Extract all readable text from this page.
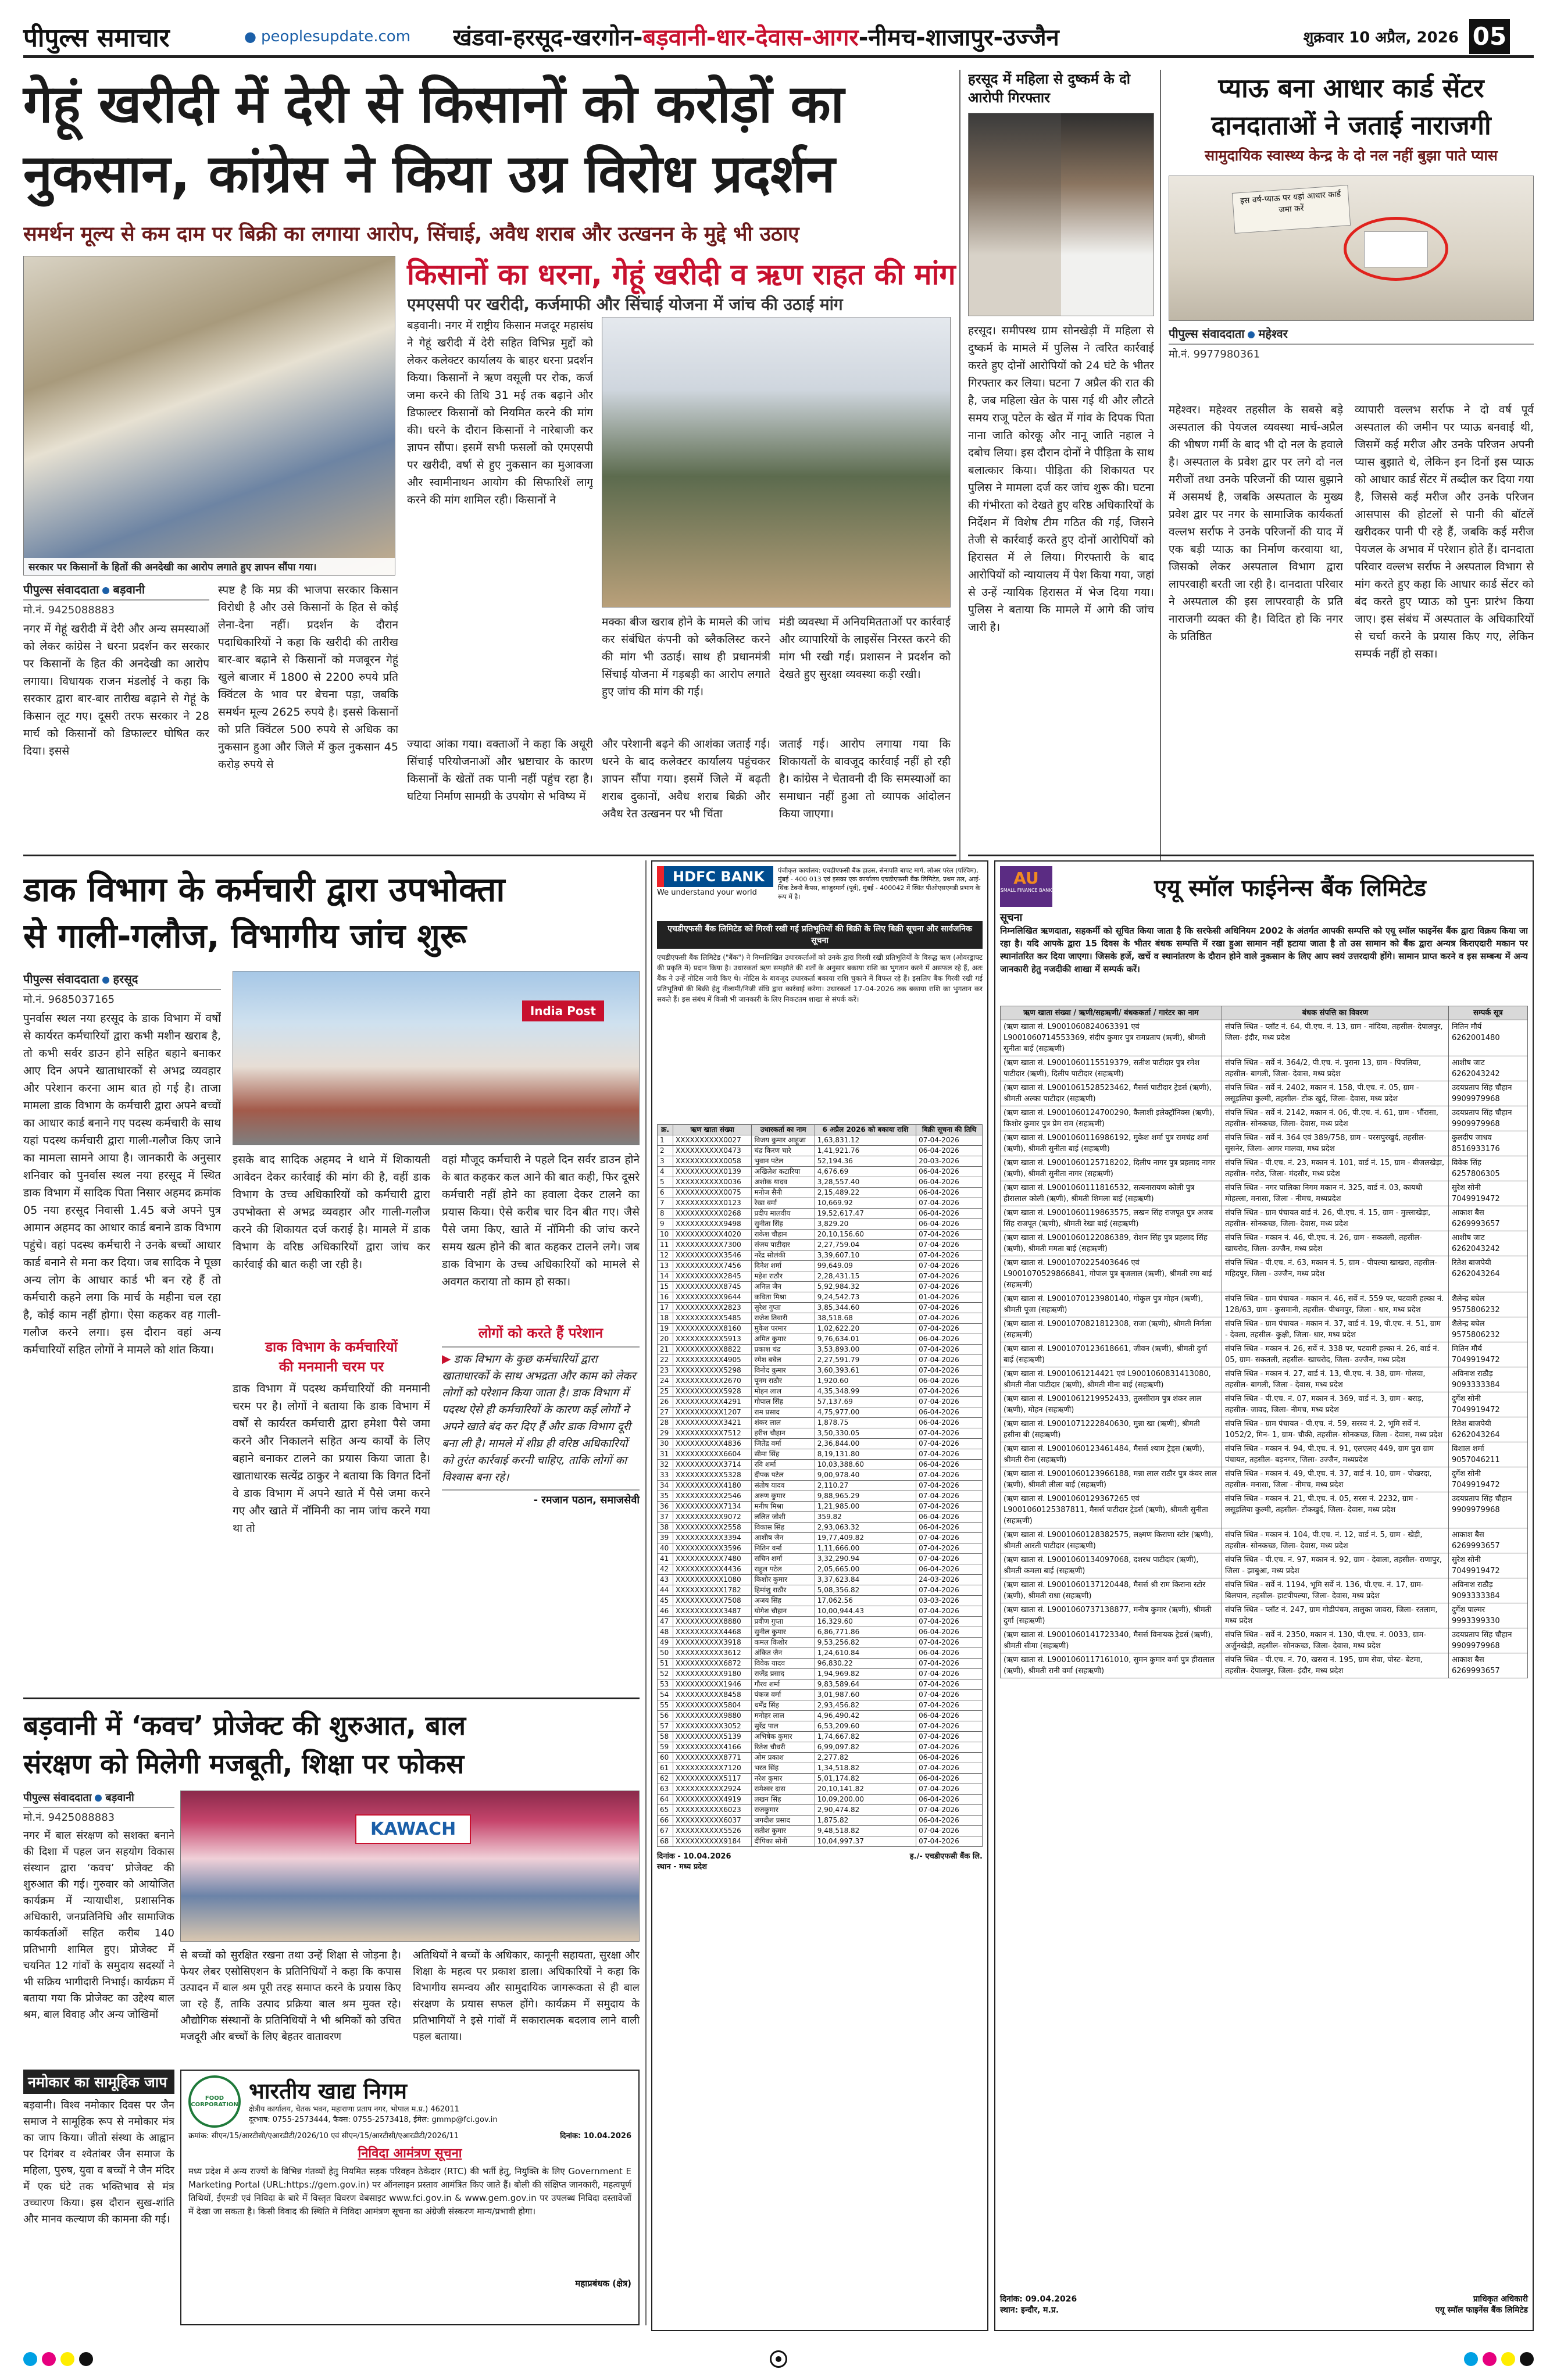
पीपुल्स समाचार	● peoplesupdate.com	खंडवा-हरसूद-खरगोन-बड़वानी-धार-देवास-आगर-नीमच-शाजापुर-उज्जैन	शुक्रवार 10 अप्रैल, 2026 05
गेहूं खरीदी में देरी से किसानों को करोड़ों का
नुकसान, कांग्रेस ने किया उग्र विरोध प्रदर्शन
समर्थन मूल्य से कम दाम पर बिक्री का लगाया आरोप, सिंचाई, अवैध शराब और उत्खनन के मुद्दे भी उठाए
सरकार पर किसानों के हितों की अनदेखी का आरोप लगाते हुए ज्ञापन सौंपा गया।
किसानों का धरना, गेहूं खरीदी व ऋण राहत की मांग
एमएसपी पर खरीदी, कर्जमाफी और सिंचाई योजना में जांच की उठाई मांग
पीपुल्स संवाददाता बड़वानी
मो.नं. 9425088883
नगर में गेहूं खरीदी में देरी और अन्य समस्याओं को लेकर कांग्रेस ने धरना प्रदर्शन कर सरकार पर किसानों के हित की अनदेखी का आरोप लगाया। विधायक राजन मंडलोई ने कहा कि सरकार द्वारा बार-बार तारीख बढ़ाने से गेहूं के किसान लूट गए। दूसरी तरफ सरकार ने 28 मार्च को किसानों को डिफाल्टर घोषित कर दिया। इससे
स्पष्ट है कि मप्र की भाजपा सरकार किसान विरोधी है और उसे किसानों के हित से कोई लेना-देना नहीं। प्रदर्शन के दौरान पदाधिकारियों ने कहा कि खरीदी की तारीख बार-बार बढ़ाने से किसानों को मजबूरन गेहूं खुले बाजार में 1800 से 2200 रुपये प्रति क्विंटल के भाव पर बेचना पड़ा, जबकि समर्थन मूल्य 2625 रुपये है। इससे किसानों को प्रति क्विंटल 500 रुपये से अधिक का नुकसान हुआ और जिले में कुल नुकसान 45 करोड़ रुपये से
बड़वानी। नगर में राष्ट्रीय किसान मजदूर महासंघ ने गेहूं खरीदी में देरी सहित विभिन्न मुद्दों को लेकर कलेक्टर कार्यालय के बाहर धरना प्रदर्शन किया। किसानों ने ऋण वसूली पर रोक, कर्ज जमा करने की तिथि 31 मई तक बढ़ाने और डिफाल्टर किसानों को नियमित करने की मांग की। धरने के दौरान किसानों ने नारेबाजी कर ज्ञापन सौंपा। इसमें सभी फसलों को एमएसपी पर खरीदी, वर्षा से हुए नुकसान का मुआवजा और स्वामीनाथन आयोग की सिफारिशें लागू करने की मांग शामिल रही। किसानों ने
मक्का बीज खराब होने के मामले की जांच कर संबंधित कंपनी को ब्लैकलिस्ट करने की मांग भी उठाई। साथ ही प्रधानमंत्री सिंचाई योजना में गड़बड़ी का आरोप लगाते हुए जांच की मांग की गई।
मंडी व्यवस्था में अनियमितताओं पर कार्रवाई और व्यापारियों के लाइसेंस निरस्त करने की मांग भी रखी गई। प्रशासन ने प्रदर्शन को देखते हुए सुरक्षा व्यवस्था कड़ी रखी।
ज्यादा आंका गया। वक्ताओं ने कहा कि अधूरी सिंचाई परियोजनाओं और भ्रष्टाचार के कारण किसानों के खेतों तक पानी नहीं पहुंच रहा है। घटिया निर्माण सामग्री के उपयोग से भविष्य में
और परेशानी बढ़ने की आशंका जताई गई। धरने के बाद कलेक्टर कार्यालय पहुंचकर ज्ञापन सौंपा गया। इसमें जिले में बढ़ती शराब दुकानों, अवैध शराब बिक्री और अवैध रेत उत्खनन पर भी चिंता
जताई गई। आरोप लगाया गया कि शिकायतों के बावजूद कार्रवाई नहीं हो रही है। कांग्रेस ने चेतावनी दी कि समस्याओं का समाधान नहीं हुआ तो व्यापक आंदोलन किया जाएगा।
हरसूद में महिला से दुष्कर्म के दो आरोपी गिरफ्तार
हरसूद। समीपस्थ ग्राम सोनखेड़ी में महिला से दुष्कर्म के मामले में पुलिस ने त्वरित कार्रवाई करते हुए दोनों आरोपियों को 24 घंटे के भीतर गिरफ्तार कर लिया। घटना 7 अप्रैल की रात की है, जब महिला खेत के पास गई थी और लौटते समय राजू पटेल के खेत में गांव के दिपक पिता नाना जाति कोरकू और नानू जाति नहाल ने दबोच लिया। इस दौरान दोनों ने पीड़िता के साथ बलात्कार किया। पीड़िता की शिकायत पर पुलिस ने मामला दर्ज कर जांच शुरू की। घटना की गंभीरता को देखते हुए वरिष्ठ अधिकारियों के निर्देशन में विशेष टीम गठित की गई, जिसने तेजी से कार्रवाई करते हुए दोनों आरोपियों को हिरासत में ले लिया। गिरफ्तारी के बाद आरोपियों को न्यायालय में पेश किया गया, जहां से उन्हें न्यायिक हिरासत में भेज दिया गया। पुलिस ने बताया कि मामले में आगे की जांच जारी है।
प्याऊ बना आधार कार्ड सेंटर
दानदाताओं ने जताई नाराजगी
सामुदायिक स्वास्थ्य केन्द्र के दो नल नहीं बुझा पाते प्यास
इस वर्ष-प्याऊ पर यहां आधार कार्ड जमा करें
पीपुल्स संवाददाता महेश्वर
मो.नं. 9977980361
महेश्वर। महेश्वर तहसील के सबसे बड़े अस्पताल की पेयजल व्यवस्था मार्च-अप्रैल की भीषण गर्मी के बाद भी दो नल के हवाले है। अस्पताल के प्रवेश द्वार पर लगे दो नल मरीजों तथा उनके परिजनों की प्यास बुझाने में असमर्थ है, जबकि अस्पताल के मुख्य प्रवेश द्वार पर नगर के सामाजिक कार्यकर्ता वल्लभ सर्राफ ने उनके परिजनों की याद में एक बड़ी प्याऊ का निर्माण करवाया था, जिसको लेकर अस्पताल विभाग द्वारा लापरवाही बरती जा रही है। दानदाता परिवार ने अस्पताल की इस लापरवाही के प्रति नाराजगी व्यक्त की है। विदित हो कि नगर के प्रतिष्ठित
व्यापारी वल्लभ सर्राफ ने दो वर्ष पूर्व अस्पताल की जमीन पर प्याऊ बनवाई थी, जिसमें कई मरीज और उनके परिजन अपनी प्यास बुझाते थे, लेकिन इन दिनों इस प्याऊ को आधार कार्ड सेंटर में तब्दील कर दिया गया है, जिससे कई मरीज और उनके परिजन आसपास की होटलों से पानी की बॉटलें खरीदकर पानी पी रहे हैं, जबकि कई मरीज पेयजल के अभाव में परेशान होते हैं। दानदाता परिवार वल्लभ सर्राफ ने अस्पताल विभाग से मांग करते हुए कहा कि आधार कार्ड सेंटर को बंद करते हुए प्याऊ को पुनः प्रारंभ किया जाए। इस संबंध में अस्पताल के अधिकारियों से चर्चा करने के प्रयास किए गए, लेकिन सम्पर्क नहीं हो सका।
डाक विभाग के कर्मचारी द्वारा उपभोक्ता
से गाली-गलौज, विभागीय जांच शुरू
पीपुल्स संवाददाता हरसूद
मो.नं. 9685037165
पुनर्वास स्थल नया हरसूद के डाक विभाग में वर्षों से कार्यरत कर्मचारियों द्वारा कभी मशीन खराब है, तो कभी सर्वर डाउन होने सहित बहाने बनाकर आए दिन अपने खाताधारकों से अभद्र व्यवहार और परेशान करना आम बात हो गई है। ताजा मामला डाक विभाग के कर्मचारी द्वारा अपने बच्चों का आधार कार्ड बनाने गए पदस्थ कर्मचारी के साथ यहां पदस्थ कर्मचारी द्वारा गाली-गलौज किए जाने का मामला सामने आया है। जानकारी के अनुसार शनिवार को पुनर्वास स्थल नया हरसूद में स्थित डाक विभाग में सादिक पिता निसार अहमद क्रमांक 05 नया हरसूद निवासी 1.45 बजे अपने पुत्र आमान अहमद का आधार कार्ड बनाने डाक विभाग पहुंचे। वहां पदस्थ कर्मचारी ने उनके बच्चों आधार कार्ड बनाने से मना कर दिया। जब सादिक ने पूछा अन्य लोग के आधार कार्ड भी बन रहे हैं तो कर्मचारी कहने लगा कि मार्च के महीना चल रहा है, कोई काम नहीं होगा। ऐसा कहकर वह गाली-गलौज करने लगा। इस दौरान वहां अन्य कर्मचारियों सहित लोगों ने मामले को शांत किया।
India Post
इसके बाद सादिक अहमद ने थाने में शिकायती आवेदन देकर कार्रवाई की मांग की है, वहीं डाक विभाग के उच्च अधिकारियों को कर्मचारी द्वारा उपभोक्ता से अभद्र व्यवहार और गाली-गलौज करने की शिकायत दर्ज कराई है। मामले में डाक विभाग के वरिष्ठ अधिकारियों द्वारा जांच कर कार्रवाई की बात कही जा रही है।
डाक विभाग के कर्मचारियों
की मनमानी चरम पर
डाक विभाग में पदस्थ कर्मचारियों की मनमानी चरम पर है। लोगों ने बताया कि डाक विभाग में वर्षों से कार्यरत कर्मचारी द्वारा हमेशा पैसे जमा करने और निकालने सहित अन्य कार्यों के लिए बहाने बनाकर टालने का प्रयास किया जाता है। खाताधारक सत्येंद्र ठाकुर ने बताया कि विगत दिनों वे डाक विभाग में अपने खाते में पैसे जमा करने गए और खाते में नॉमिनी का नाम जांच करने गया था तो
वहां मौजूद कर्मचारी ने पहले दिन सर्वर डाउन होने के बात कहकर कल आने की बात कही, फिर दूसरे कर्मचारी नहीं होने का हवाला देकर टालने का प्रयास किया। ऐसे करीब चार दिन बीत गए। जैसे पैसे जमा किए, खाते में नॉमिनी की जांच करने समय खत्म होने की बात कहकर टालने लगे। जब डाक विभाग के उच्च अधिकारियों को मामले से अवगत कराया तो काम हो सका।
लोगों को करते हैं परेशान
▶ डाक विभाग के कुछ कर्मचारियों द्वारा खाताधारकों के साथ अभद्रता और काम को लेकर लोगों को परेशान किया जाता है। डाक विभाग में पदस्थ ऐसे ही कर्मचारियों के कारण कई लोगों ने अपने खाते बंद कर दिए हैं और डाक विभाग दूरी बना ली है। मामले में शीघ्र ही वरिष्ठ अधिकारियों को तुरंत कार्रवाई करनी चाहिए, ताकि लोगों का विश्वास बना रहे।
- रमजान पठान, समाजसेवी
बड़वानी में ‘कवच’ प्रोजेक्ट की शुरुआत, बाल
संरक्षण को मिलेगी मजबूती, शिक्षा पर फोकस
पीपुल्स संवाददाता बड़वानी
मो.नं. 9425088883
नगर में बाल संरक्षण को सशक्त बनाने की दिशा में पहल जन सहयोग विकास संस्थान द्वारा ‘कवच’ प्रोजेक्ट की शुरुआत की गई। गुरुवार को आयोजित कार्यक्रम में न्यायाधीश, प्रशासनिक अधिकारी, जनप्रतिनिधि और सामाजिक कार्यकर्ताओं सहित करीब 140 प्रतिभागी शामिल हुए। प्रोजेक्ट में चयनित 12 गांवों के समुदाय सदस्यों ने भी सक्रिय भागीदारी निभाई। कार्यक्रम में बताया गया कि प्रोजेक्ट का उद्देश्य बाल श्रम, बाल विवाह और अन्य जोखिमों
KAWACH
से बच्चों को सुरक्षित रखना तथा उन्हें शिक्षा से जोड़ना है। फेयर लेबर एसोसिएशन के प्रतिनिधियों ने कहा कि कपास उत्पादन में बाल श्रम पूरी तरह समाप्त करने के प्रयास किए जा रहे हैं, ताकि उत्पाद प्रक्रिया बाल श्रम मुक्त रहे। औद्योगिक संस्थानों के प्रतिनिधियों ने भी श्रमिकों को उचित मजदूरी और बच्चों के लिए बेहतर वातावरण
अतिथियों ने बच्चों के अधिकार, कानूनी सहायता, सुरक्षा और शिक्षा के महत्व पर प्रकाश डाला। अधिकारियों ने कहा कि विभागीय समन्वय और सामुदायिक जागरूकता से ही बाल संरक्षण के प्रयास सफल होंगे। कार्यक्रम में समुदाय के प्रतिभागियों ने इसे गांवों में सकारात्मक बदलाव लाने वाली पहल बताया।
नमोकार का सामूहिक जाप
बड़वानी। विश्व नमोकार दिवस पर जैन समाज ने सामूहिक रूप से नमोकार मंत्र का जाप किया। जीतो संस्था के आह्वान पर दिगंबर व श्वेतांबर जैन समाज के महिला, पुरुष, युवा व बच्चों ने जैन मंदिर में एक घंटे तक भक्तिभाव से मंत्र उच्चारण किया। इस दौरान सुख-शांति और मानव कल्याण की कामना की गई।
FOOD CORPORATION
भारतीय खाद्य निगम
क्षेत्रीय कार्यालय, चेतक भवन, महाराणा प्रताप नगर, भोपाल म.प्र.) 462011
दूरभाष: 0755-2573444, फैक्स: 0755-2573418, ईमेल: gmmp@fci.gov.in
क्रमांक: सीएन/15/आरटीसी/एआरडीटी/2026/10 एवं सीएन/15/आरटीसी/एआरडीटी/2026/11	दिनांक: 10.04.2026
निविदा आमंत्रण सूचना
मध्य प्रदेश में अन्य राज्यों के विभिन्न गंतव्यों हेतु नियमित सड़क परिवहन ठेकेदार (RTC) की भर्ती हेतु, नियुक्ति के लिए Government E Marketing Portal (URL:https://gem.gov.in) पर ऑनलाइन प्रस्ताव आमंत्रित किए जाते हैं। बोली की संक्षिप्त जानकारी, महत्वपूर्ण तिथियों, ईएमडी एवं निविदा के बारे में विस्तृत विवरण वेबसाइट www.fci.gov.in & www.gem.gov.in पर उपलब्ध निविदा दस्तावेजों में देखा जा सकता है। किसी विवाद की स्थिति में निविदा आमंत्रण सूचना का अंग्रेजी संस्करण मान्य/प्रभावी होगा।
महाप्रबंधक (क्षेत्र)
HDFC BANK
We understand your world
पंजीकृत कार्यालय: एचडीएफसी बैंक हाउस, सेनापति बापट मार्ग, लोअर परेल (पश्चिम), मुंबई - 400 013 एवं इसका एक कार्यालय एचडीएफसी बैंक लिमिटेड, प्रथम तल, आई-थिंक टेक्नो कैंपस, कांजुरमार्ग (पूर्व), मुंबई - 400042 में स्थित पीओएसएमडी प्रभाग के रूप में है।
एचडीएफसी बैंक लिमिटेड को गिरवी रखी गई प्रतिभूतियों की बिक्री के लिए बिक्री सूचना और सार्वजनिक सूचना
एचडीएफसी बैंक लिमिटेड ("बैंक") ने निम्नलिखित उधारकर्ताओं को उनके द्वारा गिरवी रखी प्रतिभूतियों के विरुद्ध ऋण (ओवरड्राफ्ट की प्रकृति में) प्रदान किया है। उधारकर्ता ऋण समझौते की शर्तों के अनुसार बकाया राशि का भुगतान करने में असफल रहे हैं, अतः बैंक ने उन्हें नोटिस जारी किए थे। नोटिस के बावजूद उधारकर्ता बकाया राशि चुकाने में विफल रहे हैं। इसलिए बैंक गिरवी रखी गई प्रतिभूतियों की बिक्री हेतु नीलामी/निजी संधि द्वारा कार्रवाई करेगा। उधारकर्ता 17-04-2026 तक बकाया राशि का भुगतान कर सकते हैं। इस संबंध में किसी भी जानकारी के लिए निकटतम शाखा से संपर्क करें।
क्र.	ऋण खाता संख्या	उधारकर्ता का नाम	6 अप्रैल 2026 को बकाया राशि	बिक्री सूचना की तिथि
1	XXXXXXXXXX0027	विजय कुमार आहूजा	1,63,831.12	07-04-2026
2	XXXXXXXXXX0473	चंद्र किरण चारे	1,41,921.76	06-04-2026
3	XXXXXXXXXX0058	भुवान पटेल	52,194.36	20-03-2026
4	XXXXXXXXXX0139	अखिलेश कटारिया	4,676.69	06-04-2026
5	XXXXXXXXXX0036	अशोक यादव	3,28,557.40	06-04-2026
6	XXXXXXXXXX0075	मनोज सैनी	2,15,489.22	06-04-2026
7	XXXXXXXXXX0123	रेखा वर्मा	10,669.92	07-04-2026
8	XXXXXXXXXX0268	प्रदीप मालवीय	19,52,617.47	06-04-2026
9	XXXXXXXXXX9498	सुनीता सिंह	3,829.20	06-04-2026
10	XXXXXXXXXX4020	राकेश चौहान	20,10,156.60	07-04-2026
11	XXXXXXXXXX7300	संजय पाटीदार	2,27,759.04	07-04-2026
12	XXXXXXXXXX3546	नरेंद्र सोलंकी	3,39,607.10	07-04-2026
13	XXXXXXXXXX7456	दिनेश शर्मा	99,649.09	07-04-2026
14	XXXXXXXXXX2845	महेश राठौर	2,28,431.15	07-04-2026
15	XXXXXXXXXX8745	अनिल जैन	5,92,984.32	07-04-2026
16	XXXXXXXXXX9644	कविता मिश्रा	9,24,542.73	01-04-2026
17	XXXXXXXXXX2823	सुरेश गुप्ता	3,85,344.60	07-04-2026
18	XXXXXXXXXX5485	राजेश तिवारी	38,518.68	07-04-2026
19	XXXXXXXXXX8160	मुकेश परमार	1,02,622.20	07-04-2026
20	XXXXXXXXXX5913	अमित कुमार	9,76,634.01	06-04-2026
21	XXXXXXXXXX8822	प्रकाश चंद्र	3,53,893.00	07-04-2026
22	XXXXXXXXXX4905	रमेश बघेल	2,27,591.79	07-04-2026
23	XXXXXXXXXX5298	विनोद कुमार	3,60,393.61	07-04-2026
24	XXXXXXXXXX2670	पूनम राठौर	1,920.60	06-04-2026
25	XXXXXXXXXX5928	मोहन लाल	4,35,348.99	07-04-2026
26	XXXXXXXXXX4291	गोपाल सिंह	57,137.69	07-04-2026
27	XXXXXXXXXX1207	राम प्रसाद	4,75,977.00	06-04-2026
28	XXXXXXXXXX3421	शंकर लाल	1,878.75	06-04-2026
29	XXXXXXXXXX7512	हरीश चौहान	3,50,330.05	07-04-2026
30	XXXXXXXXXX4836	जितेंद्र वर्मा	2,36,844.00	07-04-2026
31	XXXXXXXXXX6604	सीमा सिंह	8,19,131.80	07-04-2026
32	XXXXXXXXXX3714	रवि शर्मा	10,03,388.60	06-04-2026
33	XXXXXXXXXX5328	दीपक पटेल	9,00,978.40	07-04-2026
34	XXXXXXXXXX4180	संतोष यादव	2,110.27	07-04-2026
35	XXXXXXXXXX2546	अरुण कुमार	9,88,965.29	07-04-2026
36	XXXXXXXXXX7134	मनीष मिश्रा	1,21,985.00	07-04-2026
37	XXXXXXXXXX9072	ललित जोशी	359.82	06-04-2026
38	XXXXXXXXXX2558	विकास सिंह	2,93,063.32	06-04-2026
39	XXXXXXXXXX3394	आशीष जैन	19,77,409.82	07-04-2026
40	XXXXXXXXXX3596	नितिन वर्मा	1,11,666.00	07-04-2026
41	XXXXXXXXXX7480	सचिन शर्मा	3,32,290.94	07-04-2026
42	XXXXXXXXXX4436	राहुल पटेल	2,05,665.00	06-04-2026
43	XXXXXXXXXX1080	किशोर कुमार	3,37,623.84	24-03-2026
44	XXXXXXXXXX1782	हिमांशु राठौर	5,08,356.82	07-04-2026
45	XXXXXXXXXX7508	अजय सिंह	17,062.56	03-03-2026
46	XXXXXXXXXX3487	योगेश चौहान	10,00,944.43	07-04-2026
47	XXXXXXXXXX8880	प्रवीण गुप्ता	16,329.60	07-04-2026
48	XXXXXXXXXX4468	सुनील कुमार	6,86,771.86	06-04-2026
49	XXXXXXXXXX3918	कमल किशोर	9,53,256.82	07-04-2026
50	XXXXXXXXXX3612	अंकित जैन	1,24,610.84	06-04-2026
51	XXXXXXXXXX6872	विवेक यादव	96,830.22	07-04-2026
52	XXXXXXXXXX9180	राजेंद्र प्रसाद	1,94,969.82	07-04-2026
53	XXXXXXXXXX1946	गौरव शर्मा	9,83,589.64	07-04-2026
54	XXXXXXXXXX8458	पंकज वर्मा	3,01,987.60	07-04-2026
55	XXXXXXXXXX5804	धर्मेंद्र सिंह	2,93,456.82	07-04-2026
56	XXXXXXXXXX9880	मनोहर लाल	4,96,490.42	06-04-2026
57	XXXXXXXXXX3052	सुरेंद्र पाल	6,53,209.60	07-04-2026
58	XXXXXXXXXX5139	अभिषेक कुमार	1,74,667.82	07-04-2026
59	XXXXXXXXXX4166	रितेश चौधरी	6,99,097.82	07-04-2026
60	XXXXXXXXXX8771	ओम प्रकाश	2,277.82	06-04-2026
61	XXXXXXXXXX7120	भरत सिंह	1,34,518.82	07-04-2026
62	XXXXXXXXXX5117	नरेश कुमार	5,01,174.82	06-04-2026
63	XXXXXXXXXX2924	रामेश्वर दास	20,10,141.82	07-04-2026
64	XXXXXXXXXX4919	लखन सिंह	10,09,200.00	06-04-2026
65	XXXXXXXXXX6023	राजकुमार	2,90,474.82	07-04-2026
66	XXXXXXXXXX6037	जगदीश प्रसाद	1,875.82	06-04-2026
67	XXXXXXXXXX5526	सतीश कुमार	9,48,518.82	07-04-2026
68	XXXXXXXXXX9184	दीपिका सोनी	10,04,997.37	07-04-2026
दिनांक - 10.04.2026
स्थान - मध्य प्रदेश
ह./- एचडीएफसी बैंक लि.
AU
SMALL FINANCE BANK	एयू स्मॉल फाईनेन्स बैंक लिमिटेड
सूचना
निम्नलिखित ऋणदाता, सहकर्मी को सूचित किया जाता है कि सरफेसी अधिनियम 2002 के अंतर्गत आपकी सम्पत्ति को एयू स्मॉल फाइनेंस बैंक द्वारा विक्रय किया जा रहा है। यदि आपके द्वारा 15 दिवस के भीतर बंधक सम्पत्ति में रखा हुआ सामान नहीं हटाया जाता है तो उस सामान को बैंक द्वारा अन्यत्र किराएदारी मकान पर स्थानांतरित कर दिया जाएगा। जिसके हर्जे, खर्चे व स्थानांतरण के दौरान होने वाले नुकसान के लिए आप स्वयं उत्तरदायी होंगे। सामान प्राप्त करने व इस सम्बन्ध में अन्य जानकारी हेतु नजदीकी शाखा में सम्पर्क करें।
ऋण खाता संख्या / ऋणी/सहऋणी/ बंधककर्ता / गारंटर का नाम	बंधक संपत्ति का विवरण	सम्पर्क सूत्र
(ऋण खाता सं. L9001060824063391 एवं L9001060714553369, संदीप कुमार पुत्र रामप्रताप (ऋणी), श्रीमती सुनीता बाई (सहऋणी)	संपत्ति स्थित - प्लॉट नं. 64, पी.एच. नं. 13, ग्राम - नांदिया, तहसील- देपालपुर, जिला- इंदौर, मध्य प्रदेश	नितिन मौर्य 6262001480
(ऋण खाता सं. L9001060115519379, सतीश पाटीदार पुत्र रमेश पाटीदार (ऋणी), दिलीप पाटीदार (सहऋणी)	संपत्ति स्थित - सर्वे नं. 364/2, पी.एच. नं. पुराना 13, ग्राम - पिपलिया, तहसील- बागली, जिला- देवास, मध्य प्रदेश	आशीष जाट 6262043242
(ऋण खाता सं. L9001061528523462, मैसर्स पाटीदार ट्रेडर्स (ऋणी), श्रीमती अल्का पाटीदार (सहऋणी)	संपत्ति स्थित - सर्वे नं. 2402, मकान नं. 158, पी.एच. नं. 05, ग्राम - लसूड़लिया कुल्मी, तहसील- टोंक खुर्द, जिला- देवास, मध्य प्रदेश	उदयप्रताप सिंह चौहान 9909979968
(ऋण खाता सं. L9001060124700290, कैलाशी इलेक्ट्रॉनिक्स (ऋणी), किशोर कुमार पुत्र प्रेम राम (सहऋणी)	संपत्ति स्थित - सर्वे नं. 2142, मकान नं. 06, पी.एच. नं. 61, ग्राम - भौंरासा, तहसील- सोनकच्छ, जिला- देवास, मध्य प्रदेश	उदयप्रताप सिंह चौहान 9909979968
(ऋण खाता सं. L9001060116986192, मुकेश शर्मा पुत्र रामचंद्र शर्मा (ऋणी), श्रीमती सुनीता बाई (सहऋणी)	संपत्ति स्थित - सर्वे नं. 364 एवं 389/758, ग्राम - परसपुरखुर्द, तहसील- सुसनेर, जिला- आगर मालवा, मध्य प्रदेश	कुलदीप जाधव 8516933176
(ऋण खाता सं. L9001060125718202, दिलीप नागर पुत्र प्रहलाद नागर (ऋणी), श्रीमती सुनीता नागर (सहऋणी)	संपत्ति स्थित - पी.एच. नं. 23, मकान नं. 101, वार्ड नं. 15, ग्राम - बीजलखेड़ा, तहसील- गरोठ, जिला- मंदसौर, मध्य प्रदेश	विवेक सिंह 6257806305
(ऋण खाता सं. L9001060111816532, सत्यनारायण कोली पुत्र हीरालाल कोली (ऋणी), श्रीमती शिमला बाई (सहऋणी)	संपत्ति स्थित - नगर पालिका निगम मकान नं. 325, वार्ड नं. 03, कायथी मोहल्ला, मनासा, जिला - नीमच, मध्यप्रदेश	सुरेश सोनी 7049919472
(ऋण खाता सं. L9001060119863575, लखन सिंह राजपूत पुत्र अजब सिंह राजपूत (ऋणी), श्रीमती रेखा बाई (सहऋणी)	संपत्ति स्थित - ग्राम पंचायत वार्ड नं. 26, पी.एच. नं. 15, ग्राम - मुल्लाखेड़ा, तहसील- सोनकच्छ, जिला- देवास, मध्य प्रदेश	आकाश बैस 6269993657
(ऋण खाता सं. L9001060122086389, रोशन सिंह पुत्र प्रहलाद सिंह (ऋणी), श्रीमती ममता बाई (सहऋणी)	संपत्ति स्थित - मकान नं. 46, पी.एच. नं. 26, ग्राम - सकतली, तहसील- खाचरोद, जिला- उज्जैन, मध्य प्रदेश	आशीष जाट 6262043242
(ऋण खाता सं. L9001070225403646 एवं L9001070529866841, गोपाल पुत्र बृजलाल (ऋणी), श्रीमती रमा बाई (सहऋणी)	संपत्ति स्थित - पी.एच. नं. 63, मकान नं. 5, ग्राम - पीपल्या खाखरा, तहसील- महिदपुर, जिला - उज्जैन, मध्य प्रदेश	रितेश बाजपेयी 6262043264
(ऋण खाता सं. L9001070123980140, गोकुल पुत्र मोहन (ऋणी), श्रीमती पूजा (सहऋणी)	संपत्ति स्थित - ग्राम पंचायत - मकान नं. 46, सर्वे नं. 559 पर, पटवारी हल्का नं. 128/63, ग्राम - कुसमानी, तहसील- पीथमपुर, जिला - धार, मध्य प्रदेश	शैलेन्द्र बघेल 9575806232
(ऋण खाता सं. L9001070821812308, राजा (ऋणी), श्रीमती निर्मला (सहऋणी)	संपत्ति स्थित - ग्राम पंचायत - मकान नं. 37, वार्ड नं. 19, पी.एच. नं. 51, ग्राम - देवला, तहसील- कुक्षी, जिला- धार, मध्य प्रदेश	शैलेन्द्र बघेल 9575806232
(ऋण खाता सं. L9001070123618661, जीवन (ऋणी), श्रीमती दुर्गा बाई (सहऋणी)	संपत्ति स्थित - मकान नं. 26, सर्वे नं. 338 पर, पटवारी हल्का नं. 26, वार्ड नं. 05, ग्राम- सकतली, तहसील- खाचरोद, जिला- उज्जैन, मध्य प्रदेश	मितिन मौर्य 7049919472
(ऋण खाता सं. L9001061214421 एवं L9001060831413080, श्रीमती नीता पाटीदार (ऋणी), श्रीमती मीना बाई (सहऋणी)	संपत्ति स्थित - मकान नं. 27, वार्ड नं. 13, पी.एच. नं. 38, ग्राम- गोलवा, तहसील- बागली, जिला - देवास, मध्य प्रदेश	अविनाश राठौड़ 9093333384
(ऋण खाता सं. L9001061219952433, तुलसीराम पुत्र शंकर लाल (ऋणी), मोहन (सहऋणी)	संपत्ति स्थित - पी.एच. नं. 07, मकान नं. 369, वार्ड नं. 3, ग्राम - बराड़, तहसील- जावद, जिला- नीमच, मध्य प्रदेश	दुर्गेश सोनी 7049919472
(ऋण खाता सं. L9001071222840630, मुन्ना खा (ऋणी), श्रीमती हसीना बी (सहऋणी)	संपत्ति स्थित - ग्राम पंचायत - पी.एच. नं. 59, सरस्व नं. 2, भूमि सर्वे नं. 1052/2, मिन- 1, ग्राम- चौकी, तहसील- सोनकच्छ, जिला - देवास, मध्य प्रदेश	रितेश बाजपेयी 6262043264
(ऋण खाता सं. L9001060123461484, मैसर्स श्याम ट्रेड्स (ऋणी), श्रीमती रीना (सहऋणी)	संपत्ति स्थित - मकान नं. 94, पी.एच. नं. 91, एलएलए 449, ग्राम पुरा ग्राम पंचायत, तहसील- बड़नगर, जिला- उज्जैन, मध्यप्रदेश	विशाल शर्मा 9057046211
(ऋण खाता सं. L9001060123966188, मन्ना लाल राठौर पुत्र कंवर लाल (ऋणी), श्रीमती लीला बाई (सहऋणी)	संपत्ति स्थित - मकान नं. 49, पी.एच. नं. 37, वार्ड नं. 10, ग्राम - पोखरदा, तहसील- मनासा, जिला - नीमच, मध्य प्रदेश	दुर्गेश सोनी 7049919472
(ऋण खाता सं. L9001060129367265 एवं L9001060125387811, मैसर्स पाटीदार ट्रेडर्स (ऋणी), श्रीमती सुनीता (सहऋणी)	संपत्ति स्थित - मकान नं. 21, पी.एच. नं. 05, सरस नं. 2232, ग्राम - लसूड़लिया कुल्मी, तहसील- टोंकखुर्द, जिला- देवास, मध्य प्रदेश	उदयप्रताप सिंह चौहान 9909979968
(ऋण खाता सं. L9001060128382575, लक्ष्मण किराणा स्टोर (ऋणी), श्रीमती आरती पाटीदार (सहऋणी)	संपत्ति स्थित - मकान नं. 104, पी.एच. नं. 12, वार्ड नं. 5, ग्राम - खेड़ी, तहसील- सोनकच्छ, जिला- देवास, मध्य प्रदेश	आकाश बैस 6269993657
(ऋण खाता सं. L9001060134097068, दशरथ पाटीदार (ऋणी), श्रीमती कमला बाई (सहऋणी)	संपत्ति स्थित - पी.एच. नं. 97, मकान नं. 92, ग्राम - देवाला, तहसील- राणापुर, जिला - झाबुआ, मध्य प्रदेश	सुरेश सोनी 7049919472
(ऋण खाता सं. L9001060137120448, मैसर्स श्री राम किराना स्टोर (ऋणी), श्रीमती राधा (सहऋणी)	संपत्ति स्थित - सर्वे नं. 1194, भूमि सर्वे नं. 136, पी.एच. नं. 17, ग्राम- बिलपान, तहसील- हाटपीपल्या, जिला- देवास, मध्य प्रदेश	अविनाश राठौड़ 9093333384
(ऋण खाता सं. L9001060737138877, मनीष कुमार (ऋणी), श्रीमती दुर्गा (सहऋणी)	संपत्ति स्थित - प्लॉट नं. 247, ग्राम गोडीपंचम, तालुका जावरा, जिला- रतलाम, मध्य प्रदेश	दुर्गेश पाल्मर 9993399330
(ऋण खाता सं. L9001060141723340, मैसर्स विनायक ट्रेडर्स (ऋणी), श्रीमती सीमा (सहऋणी)	संपत्ति स्थित - सर्वे नं. 2350, मकान नं. 130, पी.एच. नं. 0033, ग्राम- अर्जुनखेड़ी, तहसील- सोनकच्छ, जिला- देवास, मध्य प्रदेश	उदयप्रताप सिंह चौहान 9909979968
(ऋण खाता सं. L9001060117161010, सुमन कुमार वर्मा पुत्र हीरालाल (ऋणी), श्रीमती रानी वर्मा (सहऋणी)	संपत्ति स्थित - पी.एच. नं. 70, खसरा नं. 195, ग्राम सेवा, पोस्ट- बेटमा, तहसील- देपालपुर, जिला- इंदौर, मध्य प्रदेश	आकाश बैस 6269993657
दिनांक: 09.04.2026
स्थान: इन्दौर, म.प्र.
प्राधिकृत अधिकारी
एयू स्मॉल फाइनेंस बैंक लिमिटेड
